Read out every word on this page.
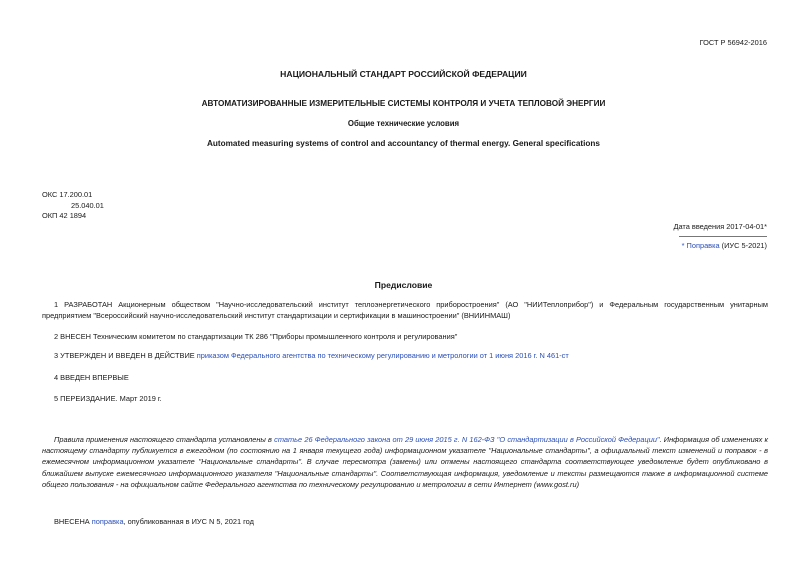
ГОСТ Р 56942-2016
НАЦИОНАЛЬНЫЙ СТАНДАРТ РОССИЙСКОЙ ФЕДЕРАЦИИ
АВТОМАТИЗИРОВАННЫЕ ИЗМЕРИТЕЛЬНЫЕ СИСТЕМЫ КОНТРОЛЯ И УЧЕТА ТЕПЛОВОЙ ЭНЕРГИИ
Общие технические условия
Automated measuring systems of control and accountancy of thermal energy. General specifications
ОКС 17.200.01
25.040.01
ОКП 42 1894
Дата введения 2017-04-01*
* Поправка (ИУС 5-2021)
Предисловие
1 РАЗРАБОТАН Акционерным обществом "Научно-исследовательский институт теплоэнергетического приборостроения" (АО "НИИТеплоприбор") и Федеральным государственным унитарным предприятием "Всероссийский научно-исследовательский институт стандартизации и сертификации в машиностроении" (ВНИИНМАШ)
2 ВНЕСЕН Техническим комитетом по стандартизации ТК 286 "Приборы промышленного контроля и регулирования"
3 УТВЕРЖДЕН И ВВЕДЕН В ДЕЙСТВИЕ приказом Федерального агентства по техническому регулированию и метрологии от 1 июня 2016 г. N 461-ст
4 ВВЕДЕН ВПЕРВЫЕ
5 ПЕРЕИЗДАНИЕ. Март 2019 г.
Правила применения настоящего стандарта установлены в статье 26 Федерального закона от 29 июня 2015 г. N 162-ФЗ "О стандартизации в Российской Федерации". Информация об изменениях к настоящему стандарту публикуется в ежегодном (по состоянию на 1 января текущего года) информационном указателе "Национальные стандарты", а официальный текст изменений и поправок - в ежемесячном информационном указателе "Национальные стандарты". В случае пересмотра (замены) или отмены настоящего стандарта соответствующее уведомление будет опубликовано в ближайшем выпуске ежемесячного информационного указателя "Национальные стандарты". Соответствующая информация, уведомление и тексты размещаются также в информационной системе общего пользования - на официальном сайте Федерального агентства по техническому регулированию и метрологии в сети Интернет (www.gost.ru)
ВНЕСЕНА поправка, опубликованная в ИУС N 5, 2021 год
